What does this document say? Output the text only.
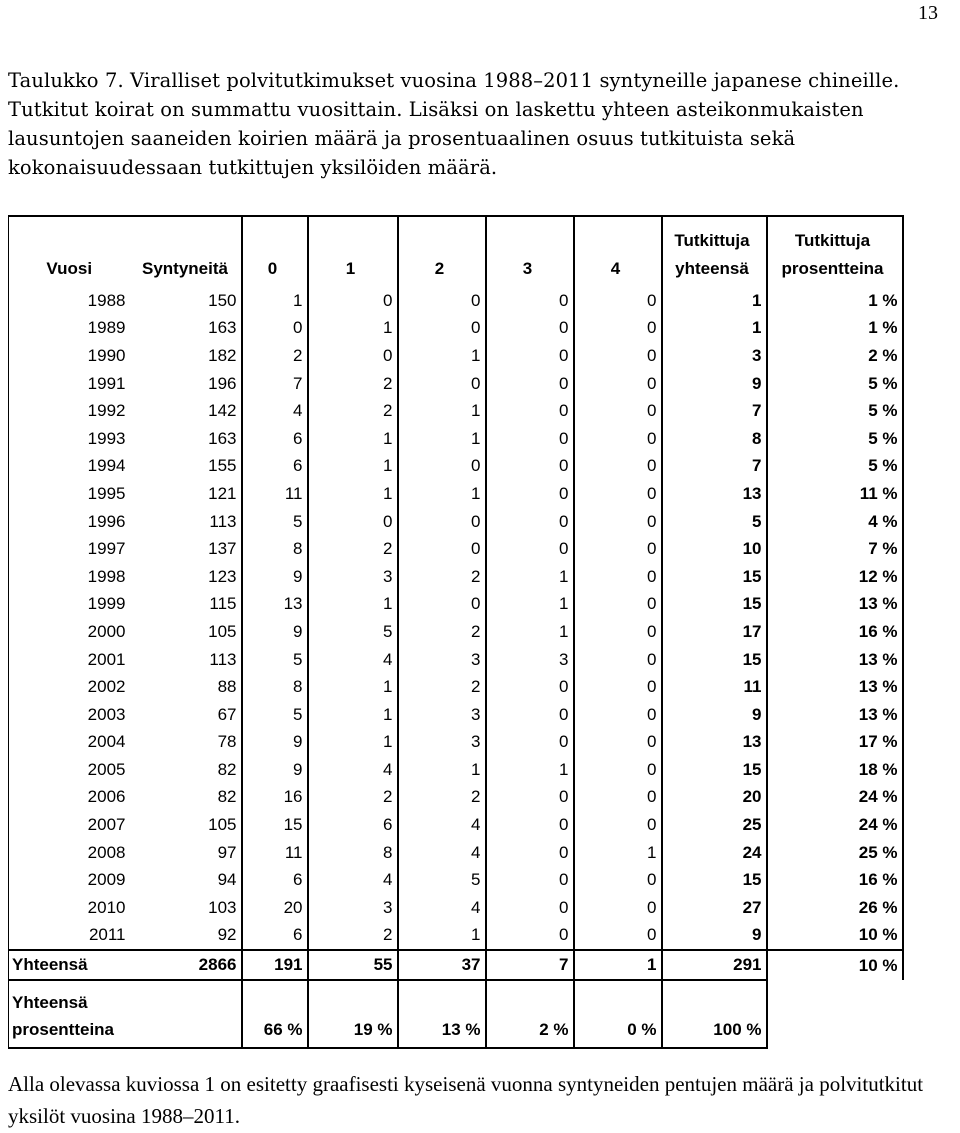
13

Taulukko 7. Viralliset polvitutkimukset vuosina 1988–2011 syntyneille japanese chineille. Tutkitut koirat on summattu vuosittain. Lisäksi on laskettu yhteen asteikonmukaisten lausuntojen saaneiden koirien määrä ja prosentuaalinen osuus tutkituista sekä kokonaisuudessaan tutkittujen yksilöiden määrä.

Vuosi	Syntyneitä	0	1	2	3	4	Tutkittuja yhteensä	Tutkittuja prosentteina
1988	150	1	0	0	0	0	1	1 %
1989	163	0	1	0	0	0	1	1 %
1990	182	2	0	1	0	0	3	2 %
1991	196	7	2	0	0	0	9	5 %
1992	142	4	2	1	0	0	7	5 %
1993	163	6	1	1	0	0	8	5 %
1994	155	6	1	0	0	0	7	5 %
1995	121	11	1	1	0	0	13	11 %
1996	113	5	0	0	0	0	5	4 %
1997	137	8	2	0	0	0	10	7 %
1998	123	9	3	2	1	0	15	12 %
1999	115	13	1	0	1	0	15	13 %
2000	105	9	5	2	1	0	17	16 %
2001	113	5	4	3	3	0	15	13 %
2002	88	8	1	2	0	0	11	13 %
2003	67	5	1	3	0	0	9	13 %
2004	78	9	1	3	0	0	13	17 %
2005	82	9	4	1	1	0	15	18 %
2006	82	16	2	2	0	0	20	24 %
2007	105	15	6	4	0	0	25	24 %
2008	97	11	8	4	0	1	24	25 %
2009	94	6	4	5	0	0	15	16 %
2010	103	20	3	4	0	0	27	26 %
2011	92	6	2	1	0	0	9	10 %
Yhteensä	2866	191	55	37	7	1	291	10 %
Yhteensä prosentteina		66 %	19 %	13 %	2 %	0 %	100 %	

Alla olevassa kuviossa 1 on esitetty graafisesti kyseisenä vuonna syntyneiden pentujen määrä ja polvitutkitut yksilöt vuosina 1988–2011.
